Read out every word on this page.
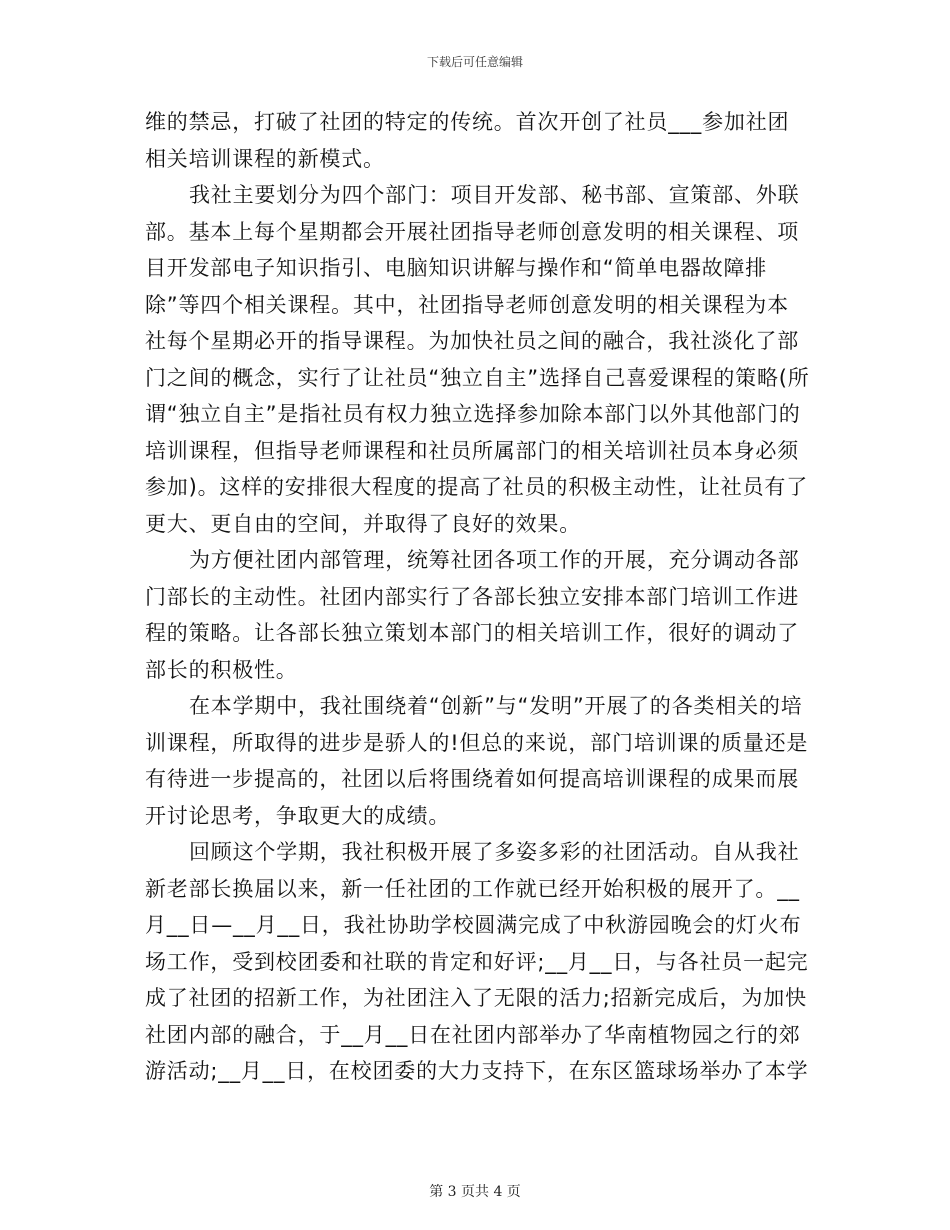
下载后可任意编辑

维的禁忌，打破了社团的特定的传统。首次开创了社员___参加社团相关培训课程的新模式。

我社主要划分为四个部门：项目开发部、秘书部、宣策部、外联部。基本上每个星期都会开展社团指导老师创意发明的相关课程、项目开发部电子知识指引、电脑知识讲解与操作和“简单电器故障排除”等四个相关课程。其中，社团指导老师创意发明的相关课程为本社每个星期必开的指导课程。为加快社员之间的融合，我社淡化了部门之间的概念，实行了让社员“独立自主”选择自己喜爱课程的策略(所谓“独立自主”是指社员有权力独立选择参加除本部门以外其他部门的培训课程，但指导老师课程和社员所属部门的相关培训社员本身必须参加)。这样的安排很大程度的提高了社员的积极主动性，让社员有了更大、更自由的空间，并取得了良好的效果。

为方便社团内部管理，统筹社团各项工作的开展，充分调动各部门部长的主动性。社团内部实行了各部长独立安排本部门培训工作进程的策略。让各部长独立策划本部门的相关培训工作，很好的调动了部长的积极性。

在本学期中，我社围绕着“创新”与“发明”开展了的各类相关的培训课程，所取得的进步是骄人的!但总的来说，部门培训课的质量还是有待进一步提高的，社团以后将围绕着如何提高培训课程的成果而展开讨论思考，争取更大的成绩。

回顾这个学期，我社积极开展了多姿多彩的社团活动。自从我社新老部长换届以来，新一任社团的工作就已经开始积极的展开了。__月__日—__月__日，我社协助学校圆满完成了中秋游园晚会的灯火布场工作，受到校团委和社联的肯定和好评;__月__日，与各社员一起完成了社团的招新工作，为社团注入了无限的活力;招新完成后，为加快社团内部的融合，于__月__日在社团内部举办了华南植物园之行的郊游活动;__月__日，在校团委的大力支持下，在东区篮球场举办了本学

第 3 页共 4 页
